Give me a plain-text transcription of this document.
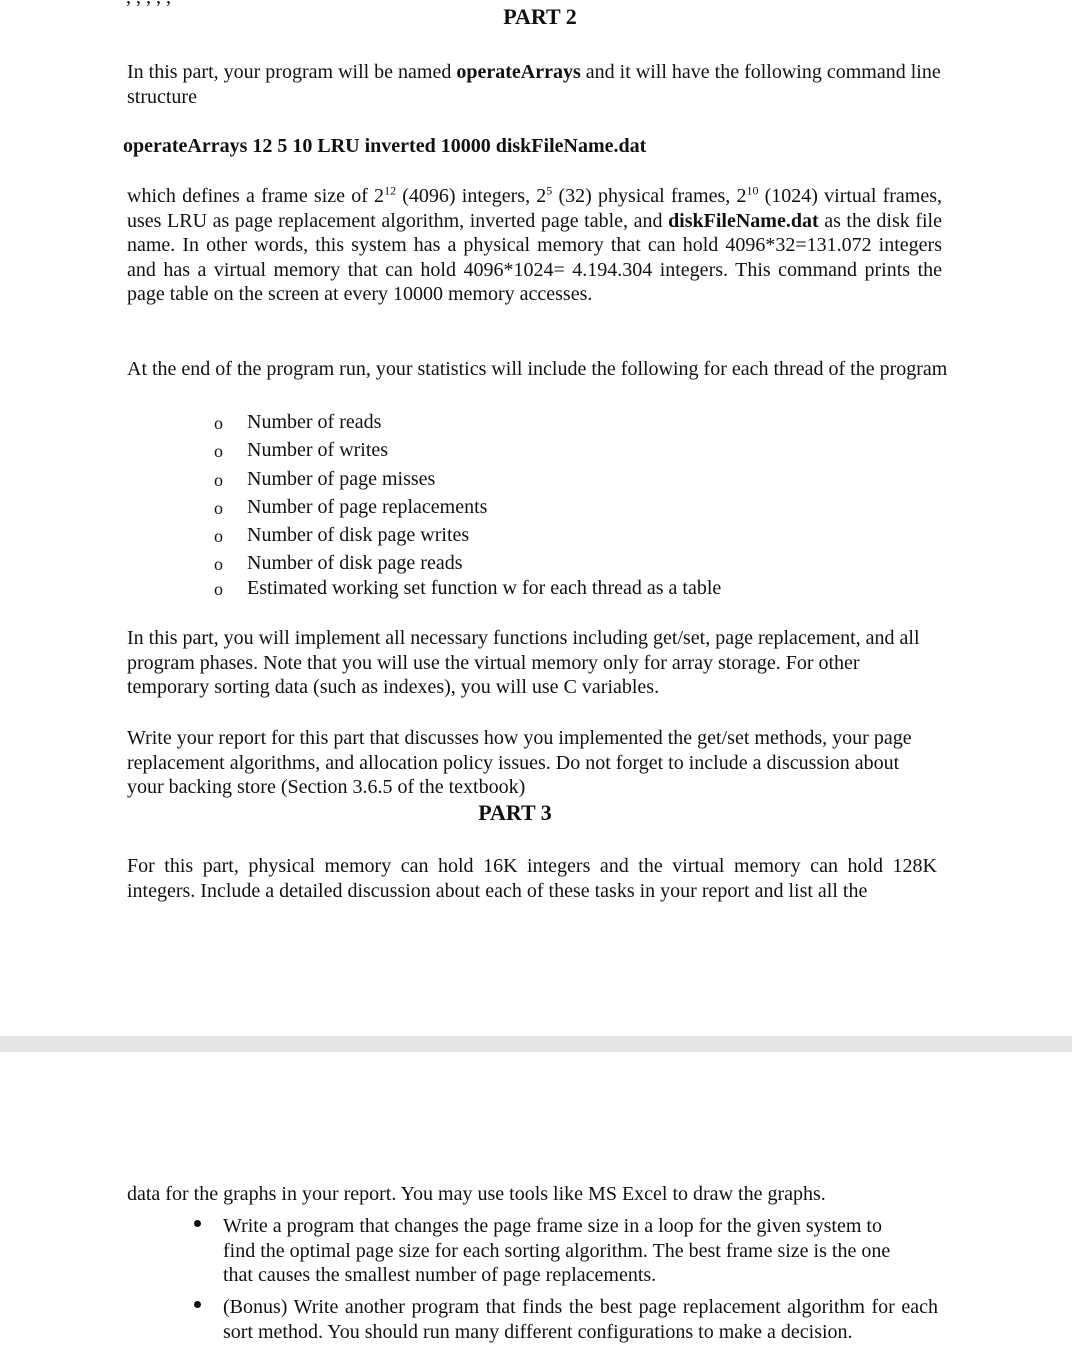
PART 2
In this part, your program will be named operateArrays and it will have the following command line structure
operateArrays 12 5 10 LRU inverted 10000 diskFileName.dat
which defines a frame size of $2^{12}$ (4096) integers, $2^5$ (32) physical frames, $2^{10}$ (1024) virtual frames, uses LRU as page replacement algorithm, inverted page table, and diskFileName.dat as the disk file name. In other words, this system has a physical memory that can hold 4096*32=131.072 integers and has a virtual memory that can hold 4096*1024= 4.194.304 integers. This command prints the page table on the screen at every 10000 memory accesses.
At the end of the program run, your statistics will include the following for each thread of the program
o Number of reads
o Number of writes
o Number of page misses
o Number of page replacements
o Number of disk page writes
o Number of disk page reads
o Estimated working set function w for each thread as a table
In this part, you will implement all necessary functions including get/set, page replacement, and all program phases. Note that you will use the virtual memory only for array storage. For other temporary sorting data (such as indexes), you will use C variables.
Write your report for this part that discusses how you implemented the get/set methods, your page replacement algorithms, and allocation policy issues. Do not forget to include a discussion about your backing store (Section 3.6.5 of the textbook)
PART 3
For this part, physical memory can hold 16K integers and the virtual memory can hold 128K integers. Include a detailed discussion about each of these tasks in your report and list all the
data for the graphs in your report. You may use tools like MS Excel to draw the graphs.
Write a program that changes the page frame size in a loop for the given system to find the optimal page size for each sorting algorithm. The best frame size is the one that causes the smallest number of page replacements.
(Bonus) Write another program that finds the best page replacement algorithm for each sort method. You should run many different configurations to make a decision.
